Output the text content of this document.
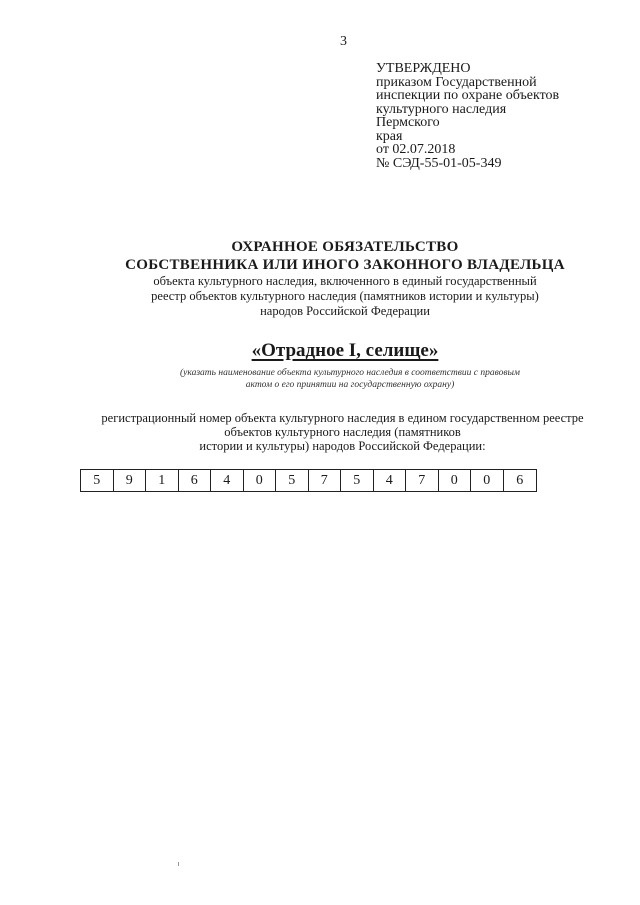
3
УТВЕРЖДЕНО
приказом Государственной
инспекции по охране объектов
культурного наследия
Пермского
края
от 02.07.2018
№ СЭД-55-01-05-349
ОХРАННОЕ ОБЯЗАТЕЛЬСТВО
СОБСТВЕННИКА ИЛИ ИНОГО ЗАКОННОГО ВЛАДЕЛЬЦА
объекта культурного наследия, включенного в единый государственный
реестр объектов культурного наследия (памятников истории и культуры)
народов Российской Федерации
«Отрадное I, селище»
(указать наименование объекта культурного наследия в соответствии с правовым
актом о его принятии на государственную охрану)
регистрационный номер объекта культурного наследия в едином государственном реестре
объектов культурного наследия (памятников
истории и культуры) народов Российской Федерации:
5	9	1	6	4	0	5	7	5	4	7	0	0	6
